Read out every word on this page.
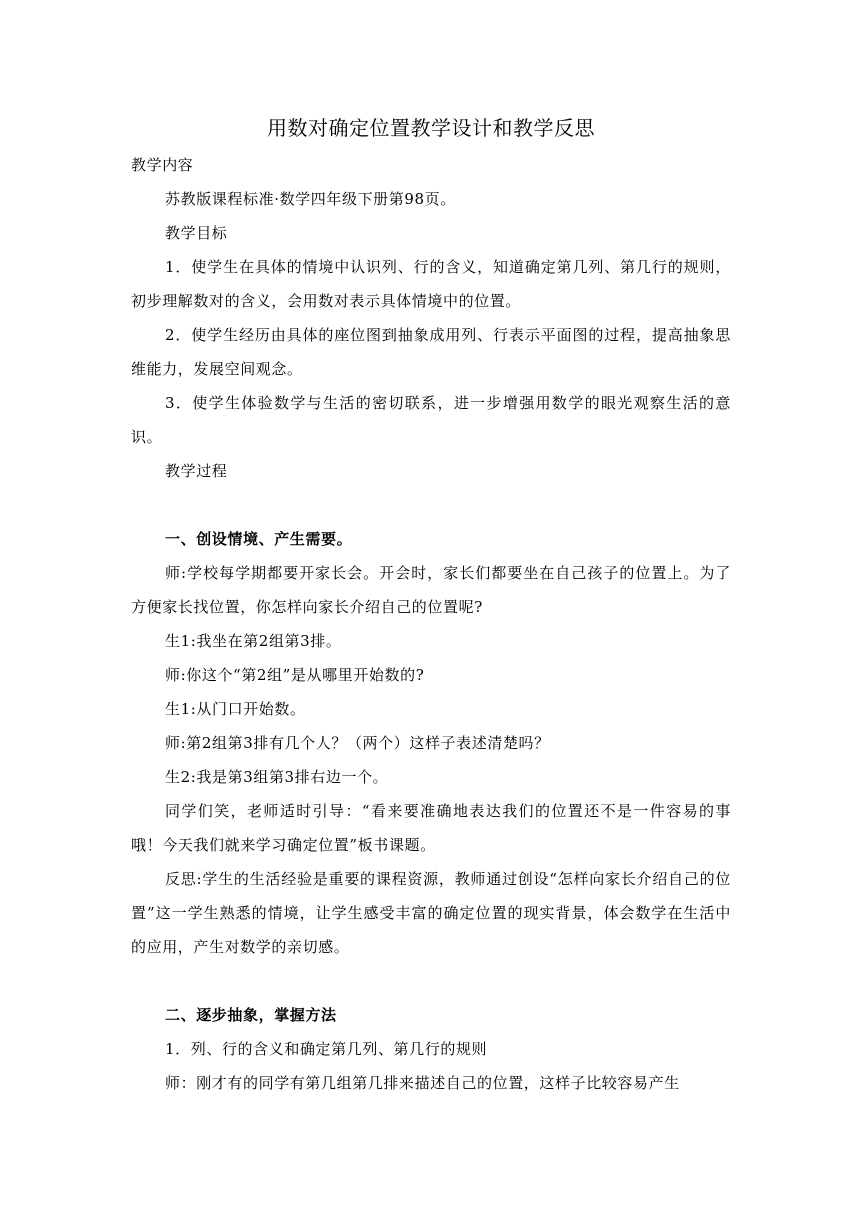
用数对确定位置教学设计和教学反思

教学内容

苏教版课程标准·数学四年级下册第98页。

教学目标

1．使学生在具体的情境中认识列、行的含义，知道确定第几列、第几行的规则，初步理解数对的含义，会用数对表示具体情境中的位置。

2．使学生经历由具体的座位图到抽象成用列、行表示平面图的过程，提高抽象思维能力，发展空间观念。

3．使学生体验数学与生活的密切联系，进一步增强用数学的眼光观察生活的意识。

教学过程

一、创设情境、产生需要。

师:学校每学期都要开家长会。开会时，家长们都要坐在自己孩子的位置上。为了方便家长找位置，你怎样向家长介绍自己的位置呢?

生1:我坐在第2组第3排。

师:你这个“第2组”是从哪里开始数的?

生1:从门口开始数。

师:第2组第3排有几个人？（两个）这样子表述清楚吗？

生2:我是第3组第3排右边一个。

同学们笑，老师适时引导：“看来要准确地表达我们的位置还不是一件容易的事哦！今天我们就来学习确定位置”板书课题。

反思:学生的生活经验是重要的课程资源，教师通过创设“怎样向家长介绍自己的位置”这一学生熟悉的情境，让学生感受丰富的确定位置的现实背景，体会数学在生活中的应用，产生对数学的亲切感。

二、逐步抽象，掌握方法

1．列、行的含义和确定第几列、第几行的规则

师：刚才有的同学有第几组第几排来描述自己的位置，这样子比较容易产生
